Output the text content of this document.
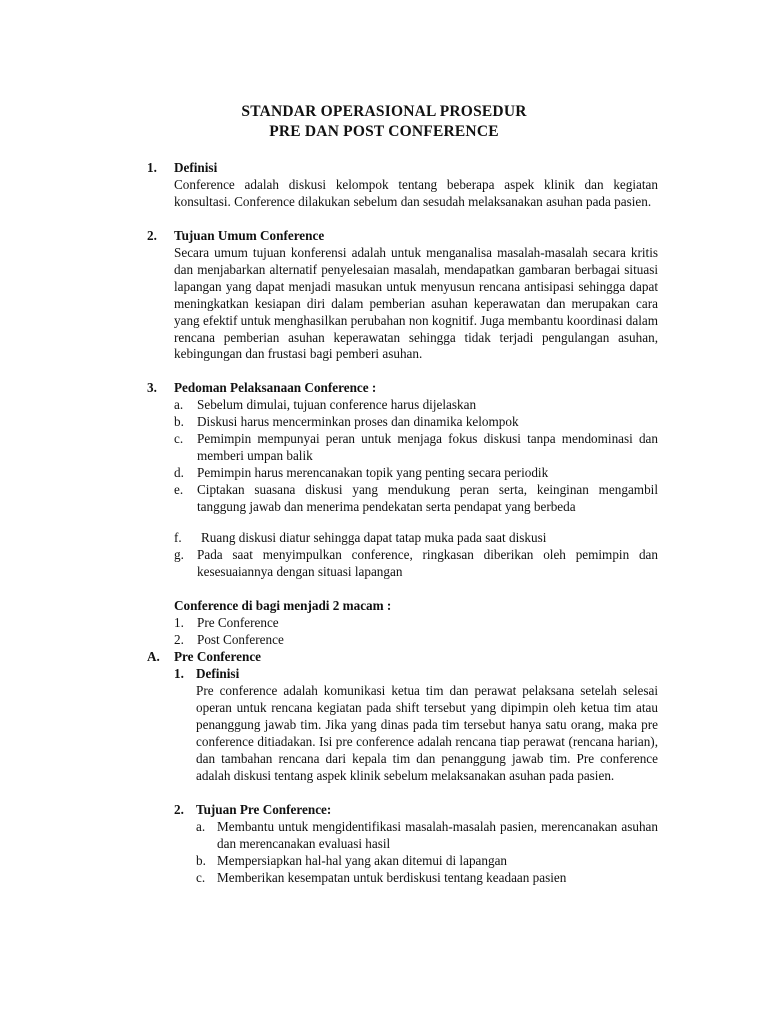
STANDAR OPERASIONAL PROSEDUR
PRE DAN POST CONFERENCE
1. Definisi
Conference adalah diskusi kelompok tentang beberapa aspek klinik dan kegiatan konsultasi. Conference dilakukan sebelum dan sesudah melaksanakan asuhan pada pasien.
2. Tujuan Umum Conference
Secara umum tujuan konferensi adalah untuk menganalisa masalah-masalah secara kritis dan menjabarkan alternatif penyelesaian masalah, mendapatkan gambaran berbagai situasi lapangan yang dapat menjadi masukan untuk menyusun rencana antisipasi sehingga dapat meningkatkan kesiapan diri dalam pemberian asuhan keperawatan dan merupakan cara yang efektif untuk menghasilkan perubahan non kognitif. Juga membantu koordinasi dalam rencana pemberian asuhan keperawatan sehingga tidak terjadi pengulangan asuhan, kebingungan dan frustasi bagi pemberi asuhan.
3. Pedoman Pelaksanaan Conference :
a. Sebelum dimulai, tujuan conference harus dijelaskan
b. Diskusi harus mencerminkan proses dan dinamika kelompok
c. Pemimpin mempunyai peran untuk menjaga fokus diskusi tanpa mendominasi dan memberi umpan balik
d. Pemimpin harus merencanakan topik yang penting secara periodik
e. Ciptakan suasana diskusi yang mendukung peran serta, keinginan mengambil tanggung jawab dan menerima pendekatan serta pendapat yang berbeda
f. Ruang diskusi diatur sehingga dapat tatap muka pada saat diskusi
g. Pada saat menyimpulkan conference, ringkasan diberikan oleh pemimpin dan kesesuaiannya dengan situasi lapangan
Conference di bagi menjadi 2 macam :
1. Pre Conference
2. Post Conference
A. Pre Conference
1. Definisi
Pre conference adalah komunikasi ketua tim dan perawat pelaksana setelah selesai operan untuk rencana kegiatan pada shift tersebut yang dipimpin oleh ketua tim atau penanggung jawab tim. Jika yang dinas pada tim tersebut hanya satu orang, maka pre conference ditiadakan. Isi pre conference adalah rencana tiap perawat (rencana harian), dan tambahan rencana dari kepala tim dan penanggung jawab tim. Pre conference adalah diskusi tentang aspek klinik sebelum melaksanakan asuhan pada pasien.
2. Tujuan Pre Conference:
a. Membantu untuk mengidentifikasi masalah-masalah pasien, merencanakan asuhan dan merencanakan evaluasi hasil
b. Mempersiapkan hal-hal yang akan ditemui di lapangan
c. Memberikan kesempatan untuk berdiskusi tentang keadaan pasien
